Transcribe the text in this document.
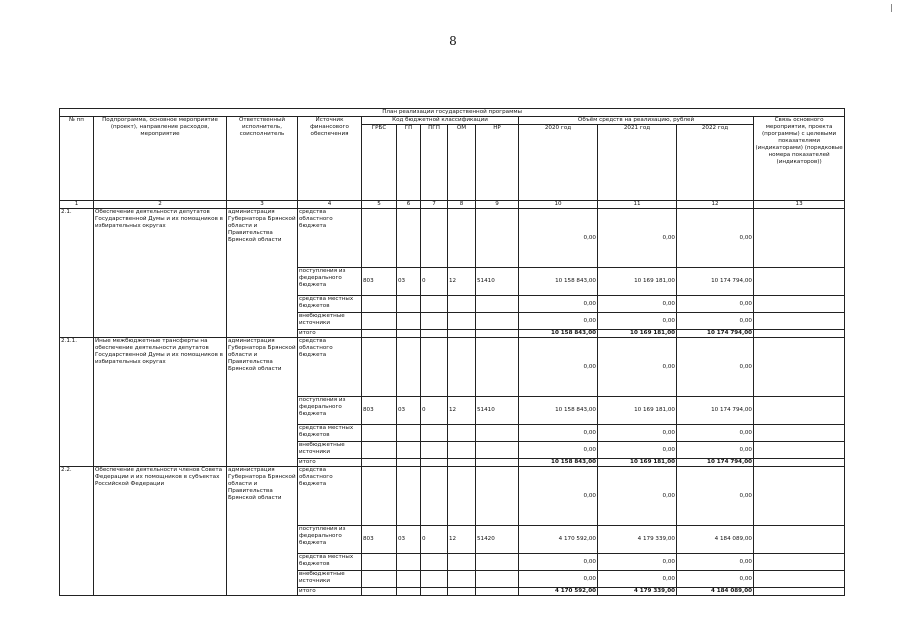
8
План реализации государственной программы												
№ пп	Подпрограмма, основное мероприятие (проект), направление расходов, мероприятие	Ответственный исполнитель, соисполнитель	Источник финансового обеспечения	Код бюджетной классификации					Объём средств на реализацию, рублей			Связь основного мероприятия, проекта (программы) с целевыми показателями (индикаторами) (порядковые номера показателей (индикаторов))
				ГРБС	ГП	ПГП	ОМ	НР	2020 год	2021 год	2022 год	

1	2	3	4	5	6	7	8	9	10	11	12	13
2.1.	Обеспечение деятельности депутатов Государственной Думы и их помощников в избирательных округах	администрация Губернатора Брянской области и Правительства Брянской области	средства областного бюджета						0,00	0,00	0,00	
			поступления из федерального бюджета	803	03	0	12	51410	10 158 843,00	10 169 181,00	10 174 794,00	
			средства местных бюджетов						0,00	0,00	0,00	
			внебюджетные источники						0,00	0,00	0,00	
			итого						10 158 843,00	10 169 181,00	10 174 794,00	
2.1.1.	Иные межбюджетные трансферты на обеспечение деятельности депутатов Государственной Думы и их помощников в избирательных округах	администрация Губернатора Брянской области и Правительства Брянской области	средства областного бюджета						0,00	0,00	0,00	
			поступления из федерального бюджета	803	03	0	12	51410	10 158 843,00	10 169 181,00	10 174 794,00	
			средства местных бюджетов						0,00	0,00	0,00	
			внебюджетные источники						0,00	0,00	0,00	
			итого						10 158 843,00	10 169 181,00	10 174 794,00	
2.2.	Обеспечение деятельности членов Совета Федерации и их помощников в субъектах Российской Федерации	администрация Губернатора Брянской области и Правительства Брянской области	средства областного бюджета						0,00	0,00	0,00	
			поступления из федерального бюджета	803	03	0	12	51420	4 170 592,00	4 179 339,00	4 184 089,00	
			средства местных бюджетов						0,00	0,00	0,00	
			внебюджетные источники						0,00	0,00	0,00	
			итого						4 170 592,00	4 179 339,00	4 184 089,00	
